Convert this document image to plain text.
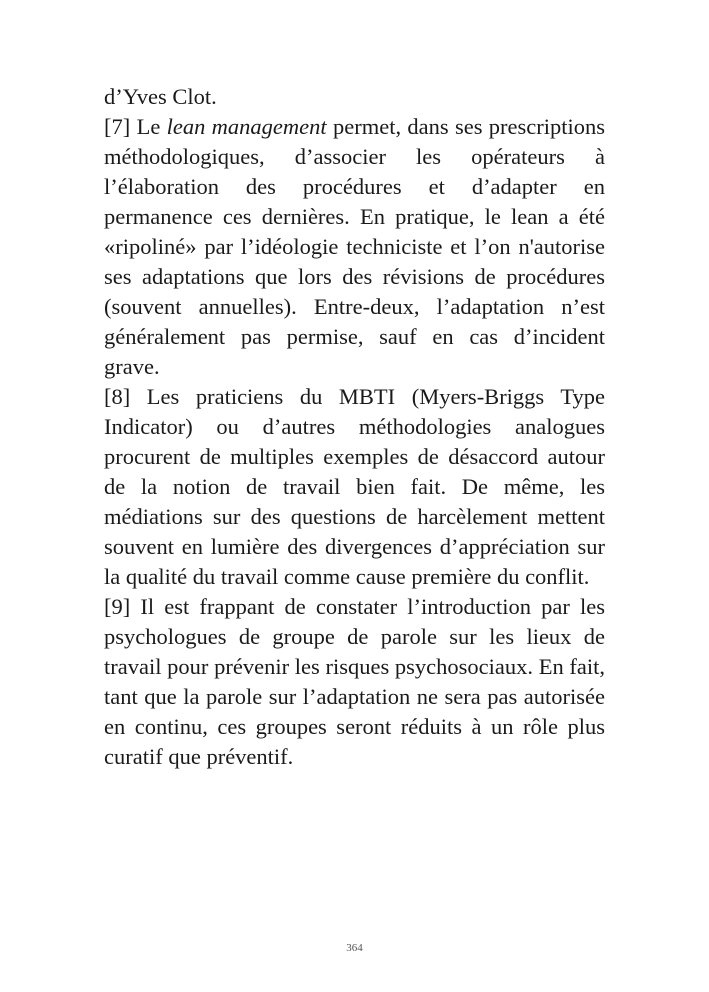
d’Yves Clot.

[7] Le lean management permet, dans ses prescriptions méthodologiques, d’associer les opérateurs à l’élaboration des procédures et d’adapter en permanence ces dernières. En pratique, le lean a été «ripoliné» par l’idéologie techniciste et l’on n'autorise ses adaptations que lors des révisions de procédures (souvent annuelles). Entre-deux, l’adaptation n’est généralement pas permise, sauf en cas d’incident grave.

[8] Les praticiens du MBTI (Myers-Briggs Type Indicator) ou d’autres méthodologies analogues procurent de multiples exemples de désaccord autour de la notion de travail bien fait. De même, les médiations sur des questions de harcèlement mettent souvent en lumière des divergences d’appréciation sur la qualité du travail comme cause première du conflit.

[9] Il est frappant de constater l’introduction par les psychologues de groupe de parole sur les lieux de travail pour prévenir les risques psychosociaux. En fait, tant que la parole sur l’adaptation ne sera pas autorisée en continu, ces groupes seront réduits à un rôle plus curatif que préventif.

364
